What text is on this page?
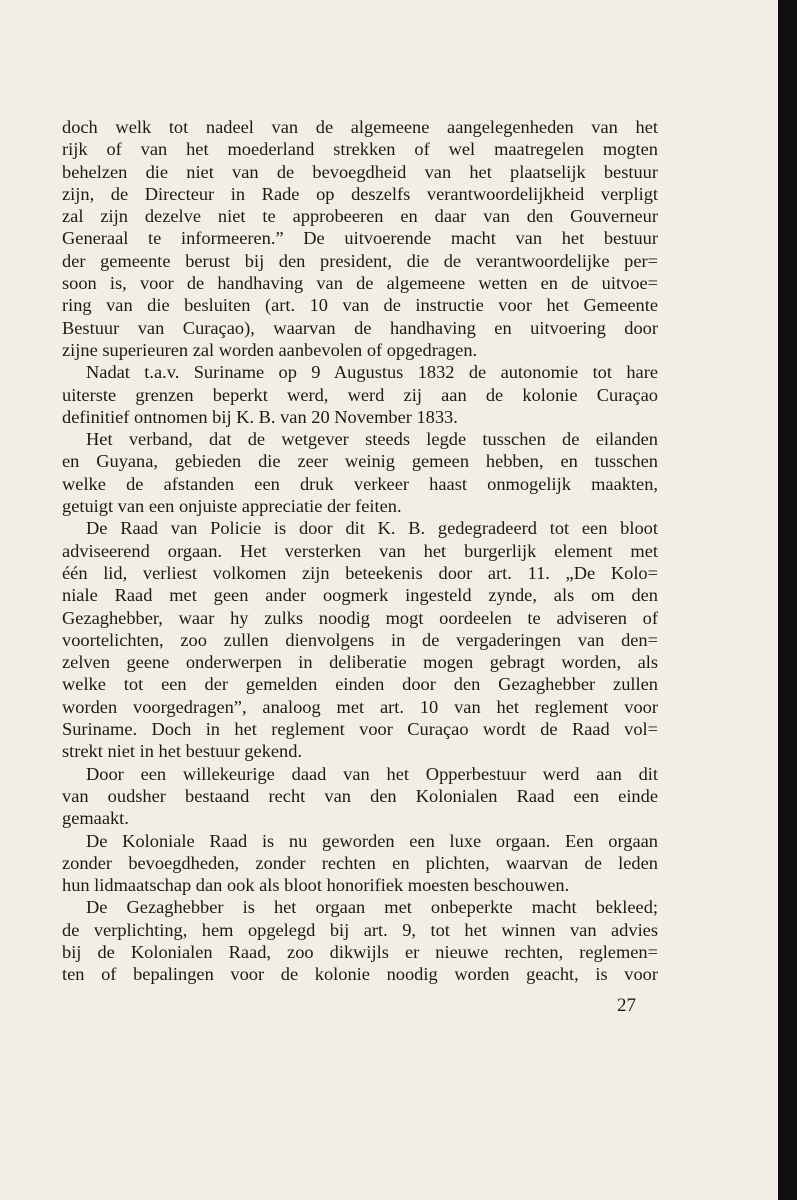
doch welk tot nadeel van de algemeene aangelegenheden van het
rijk of van het moederland strekken of wel maatregelen mogten
behelzen die niet van de bevoegdheid van het plaatselijk bestuur
zijn, de Directeur in Rade op deszelfs verantwoordelijkheid verpligt
zal zijn dezelve niet te approbeeren en daar van den Gouverneur
Generaal te informeeren.” De uitvoerende macht van het bestuur
der gemeente berust bij den president, die de verantwoordelijke per=
soon is, voor de handhaving van de algemeene wetten en de uitvoe=
ring van die besluiten (art. 10 van de instructie voor het Gemeente
Bestuur van Curaçao), waarvan de handhaving en uitvoering door
zijne superieuren zal worden aanbevolen of opgedragen.
Nadat t.a.v. Suriname op 9 Augustus 1832 de autonomie tot hare
uiterste grenzen beperkt werd, werd zij aan de kolonie Curaçao
definitief ontnomen bij K. B. van 20 November 1833.
Het verband, dat de wetgever steeds legde tusschen de eilanden
en Guyana, gebieden die zeer weinig gemeen hebben, en tusschen
welke de afstanden een druk verkeer haast onmogelijk maakten,
getuigt van een onjuiste appreciatie der feiten.
De Raad van Policie is door dit K. B. gedegradeerd tot een bloot
adviseerend orgaan. Het versterken van het burgerlijk element met
één lid, verliest volkomen zijn beteekenis door art. 11. „De Kolo=
niale Raad met geen ander oogmerk ingesteld zynde, als om den
Gezaghebber, waar hy zulks noodig mogt oordeelen te adviseren of
voortelichten, zoo zullen dienvolgens in de vergaderingen van den=
zelven geene onderwerpen in deliberatie mogen gebragt worden, als
welke tot een der gemelden einden door den Gezaghebber zullen
worden voorgedragen”, analoog met art. 10 van het reglement voor
Suriname. Doch in het reglement voor Curaçao wordt de Raad vol=
strekt niet in het bestuur gekend.
Door een willekeurige daad van het Opperbestuur werd aan dit
van oudsher bestaand recht van den Kolonialen Raad een einde
gemaakt.
De Koloniale Raad is nu geworden een luxe orgaan. Een orgaan
zonder bevoegdheden, zonder rechten en plichten, waarvan de leden
hun lidmaatschap dan ook als bloot honorifiek moesten beschouwen.
De Gezaghebber is het orgaan met onbeperkte macht bekleed;
de verplichting, hem opgelegd bij art. 9, tot het winnen van advies
bij de Kolonialen Raad, zoo dikwijls er nieuwe rechten, reglemen=
ten of bepalingen voor de kolonie noodig worden geacht, is voor
27
